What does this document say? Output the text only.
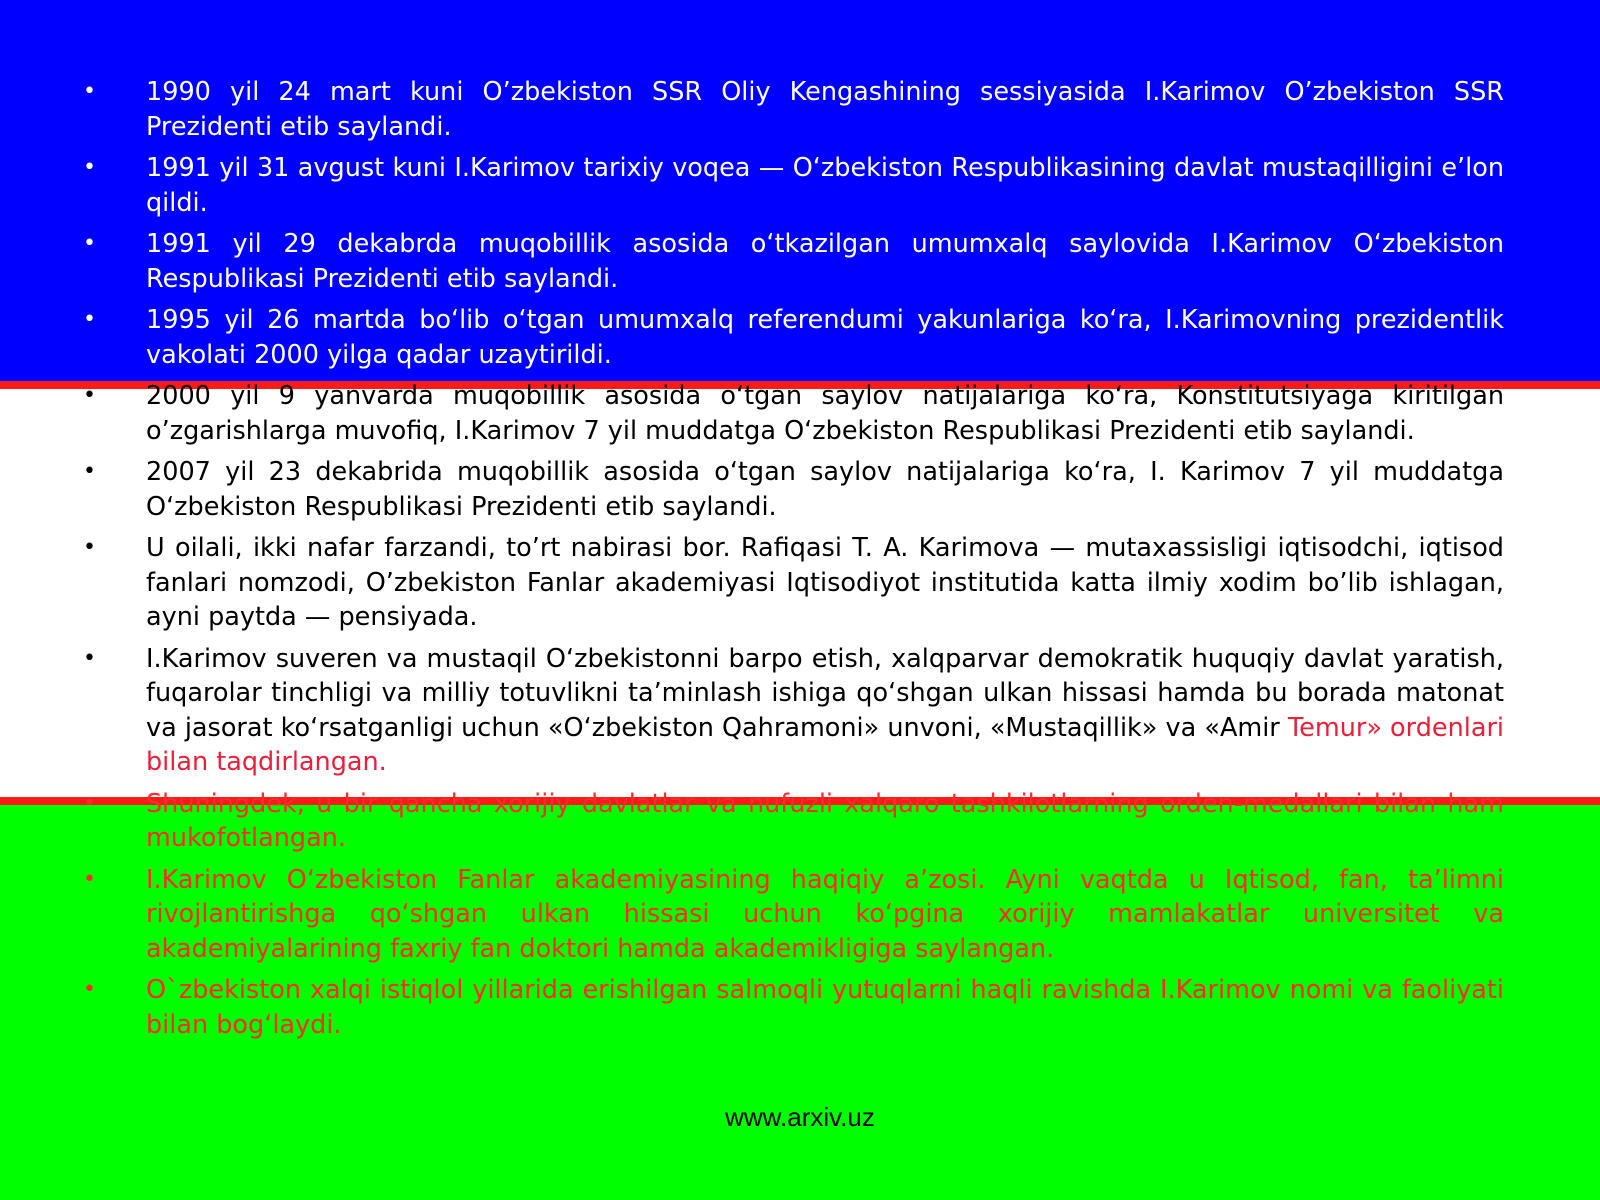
• 1990 yil 24 mart kuni O’zbekiston SSR Oliy Kengashining sessiyasida I.Karimov O’zbekiston SSR Prezidenti etib saylandi.
• 1991 yil 31 avgust kuni I.Karimov tarixiy voqea — O‘zbekiston Respublikasining davlat mustaqilligini e’lon qildi.
• 1991 yil 29 dekabrda muqobillik asosida o‘tkazilgan umumxalq saylovida I.Karimov O‘zbekiston Respublikasi Prezidenti etib saylandi.
• 1995 yil 26 martda bo‘lib o‘tgan umumxalq referendumi yakunlariga ko‘ra, I.Karimovning prezidentlik vakolati 2000 yilga qadar uzaytirildi.
• 2000 yil 9 yanvarda muqobillik asosida o‘tgan saylov natijalariga ko‘ra, Konstitutsiyaga kiritilgan o’zgarishlarga muvofiq, I.Karimov 7 yil muddatga O‘zbekiston Respublikasi Prezidenti etib saylandi.
• 2007 yil 23 dekabrida muqobillik asosida o‘tgan saylov natijalariga ko‘ra, I. Karimov 7 yil muddatga O‘zbekiston Respublikasi Prezidenti etib saylandi.
• U oilali, ikki nafar farzandi, to’rt nabirasi bor. Rafiqasi T. A. Karimova — mutaxassisligi iqtisodchi, iqtisod fanlari nomzodi, O’zbekiston Fanlar akademiyasi Iqtisodiyot institutida katta ilmiy xodim bo’lib ishlagan, ayni paytda — pensiyada.
• I.Karimov suveren va mustaqil O‘zbekistonni barpo etish, xalqparvar demokratik huquqiy davlat yaratish, fuqarolar tinchligi va milliy totuvlikni ta’minlash ishiga qo‘shgan ulkan hissasi hamda bu borada matonat va jasorat ko‘rsatganligi uchun «O‘zbekiston Qahramoni» unvoni, «Mustaqillik» va «Amir Temur» ordenlari bilan taqdirlangan.
• Shuningdek, u bir qancha xorijiy davlatlar va nufuzli xalqaro tashkilotlarning orden-medallari bilan ham mukofotlangan.
• I.Karimov O‘zbekiston Fanlar akademiyasining haqiqiy a’zosi. Ayni vaqtda u Iqtisod, fan, ta’limni rivojlantirishga qo‘shgan ulkan hissasi uchun ko‘pgina xorijiy mamlakatlar universitet va akademiyalarining faxriy fan doktori hamda akademikligiga saylangan.
• O`zbekiston xalqi istiqlol yillarida erishilgan salmoqli yutuqlarni haqli ravishda I.Karimov nomi va faoliyati bilan bog‘laydi.
www.arxiv.uz
